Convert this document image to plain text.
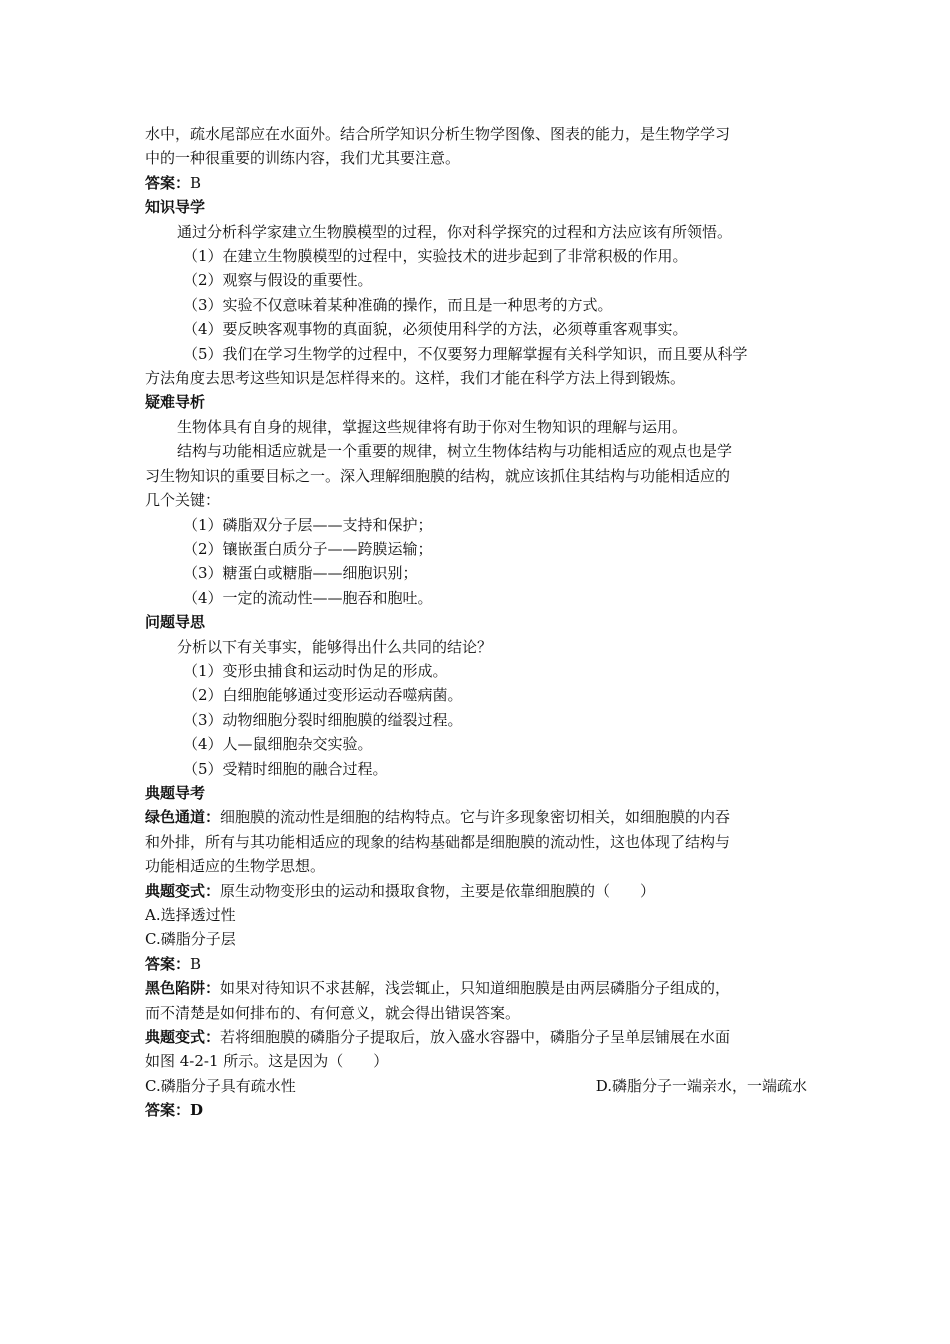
水中，疏水尾部应在水面外。结合所学知识分析生物学图像、图表的能力，是生物学学习

中的一种很重要的训练内容，我们尤其要注意。

答案：B

知识导学

通过分析科学家建立生物膜模型的过程，你对科学探究的过程和方法应该有所领悟。

（1）在建立生物膜模型的过程中，实验技术的进步起到了非常积极的作用。

（2）观察与假设的重要性。

（3）实验不仅意味着某种准确的操作，而且是一种思考的方式。

（4）要反映客观事物的真面貌，必须使用科学的方法，必须尊重客观事实。

（5）我们在学习生物学的过程中，不仅要努力理解掌握有关科学知识，而且要从科学

方法角度去思考这些知识是怎样得来的。这样，我们才能在科学方法上得到锻炼。

疑难导析

生物体具有自身的规律，掌握这些规律将有助于你对生物知识的理解与运用。

结构与功能相适应就是一个重要的规律，树立生物体结构与功能相适应的观点也是学

习生物知识的重要目标之一。深入理解细胞膜的结构，就应该抓住其结构与功能相适应的

几个关键：

（1）磷脂双分子层——支持和保护；

（2）镶嵌蛋白质分子——跨膜运输；

（3）糖蛋白或糖脂——细胞识别；

（4）一定的流动性——胞吞和胞吐。

问题导思

分析以下有关事实，能够得出什么共同的结论？

（1）变形虫捕食和运动时伪足的形成。

（2）白细胞能够通过变形运动吞噬病菌。

（3）动物细胞分裂时细胞膜的缢裂过程。

（4）人—鼠细胞杂交实验。

（5）受精时细胞的融合过程。

典题导考

绿色通道：细胞膜的流动性是细胞的结构特点。它与许多现象密切相关，如细胞膜的内吞

和外排，所有与其功能相适应的现象的结构基础都是细胞膜的流动性，这也体现了结构与

功能相适应的生物学思想。

典题变式：原生动物变形虫的运动和摄取食物，主要是依靠细胞膜的（　　）

A.选择透过性

C.磷脂分子层

答案：B

黑色陷阱：如果对待知识不求甚解，浅尝辄止，只知道细胞膜是由两层磷脂分子组成的，

而不清楚是如何排布的、有何意义，就会得出错误答案。

典题变式：若将细胞膜的磷脂分子提取后，放入盛水容器中，磷脂分子呈单层铺展在水面

如图 4-2-1 所示。这是因为（　　）

C.磷脂分子具有疏水性	D.磷脂分子一端亲水，一端疏水

答案：D
